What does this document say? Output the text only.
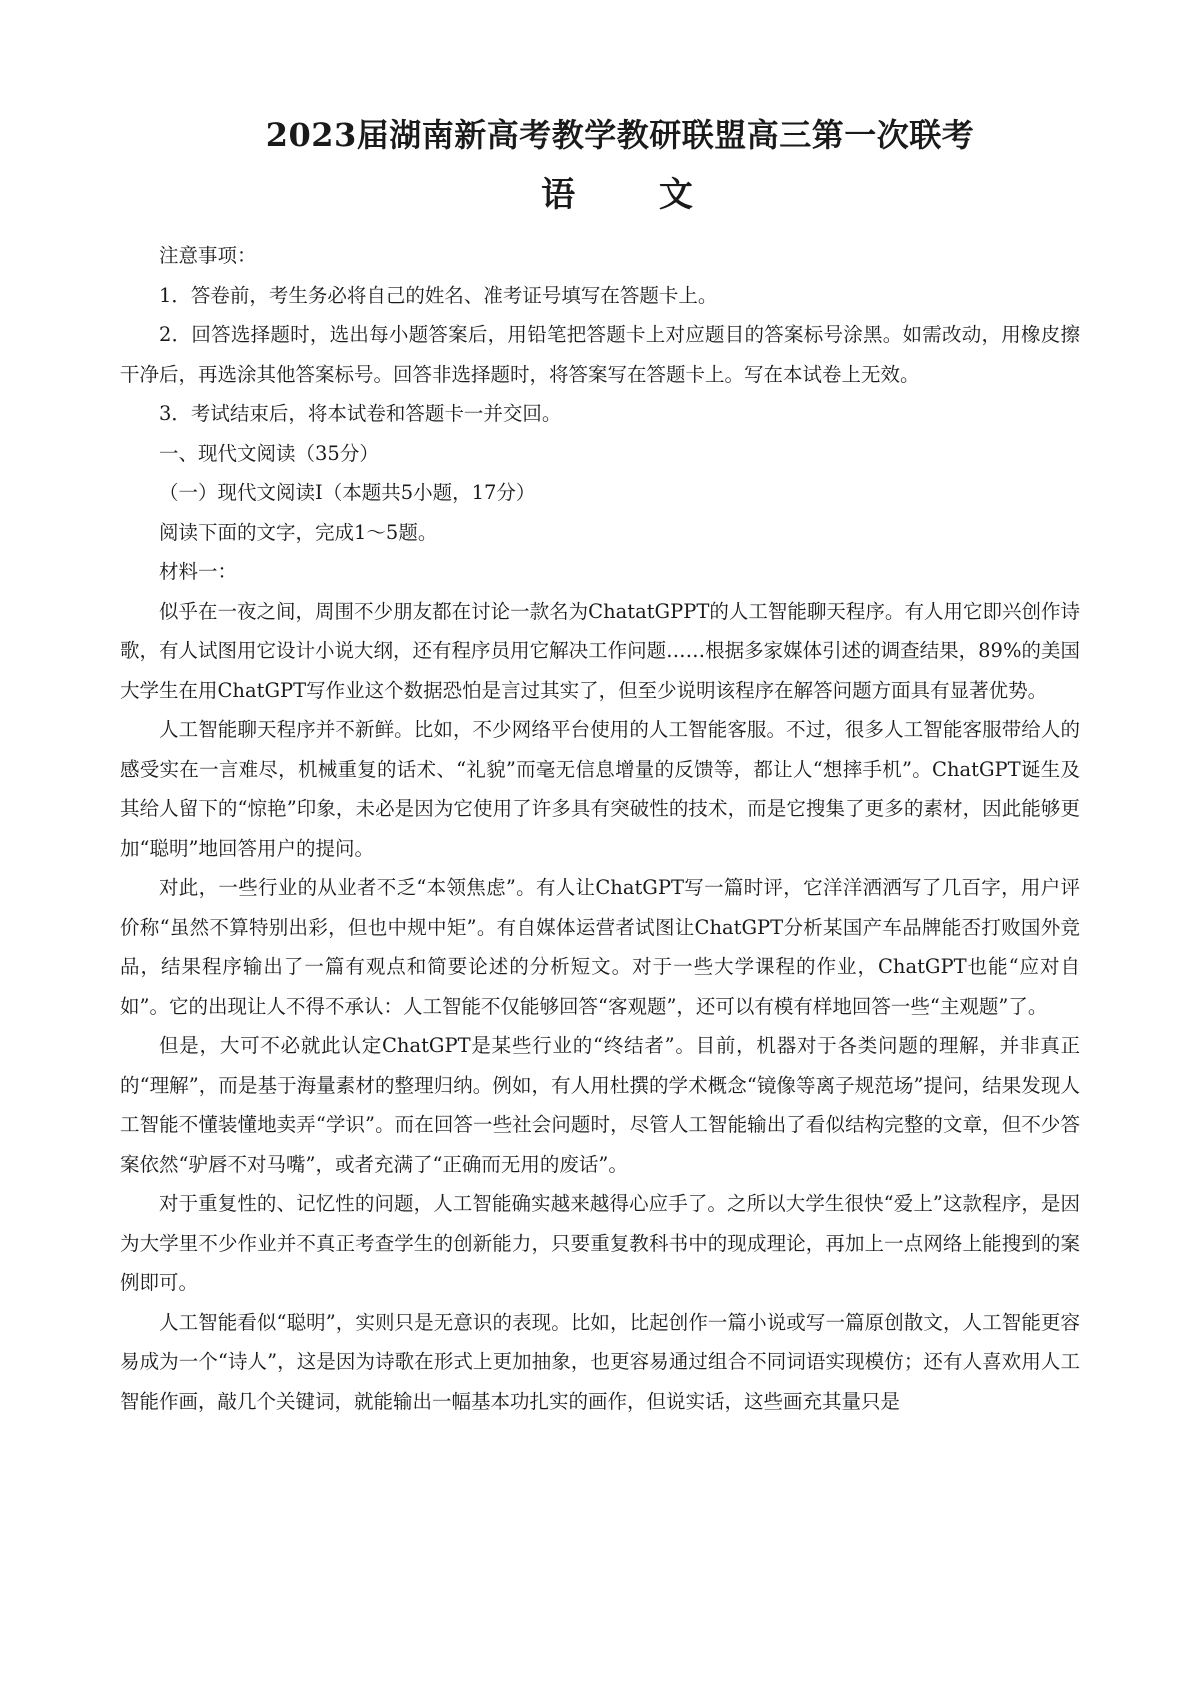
2023届湖南新高考教学教研联盟高三第一次联考
语 文

注意事项：

1．答卷前，考生务必将自己的姓名、准考证号填写在答题卡上。

2．回答选择题时，选出每小题答案后，用铅笔把答题卡上对应题目的答案标号涂黑。如需改动，用橡皮擦干净后，再选涂其他答案标号。回答非选择题时，将答案写在答题卡上。写在本试卷上无效。

3．考试结束后，将本试卷和答题卡一并交回。

一、现代文阅读（35分）

（一）现代文阅读I（本题共5小题，17分）

阅读下面的文字，完成1～5题。

材料一：

似乎在一夜之间，周围不少朋友都在讨论一款名为ChatatGPPT的人工智能聊天程序。有人用它即兴创作诗歌，有人试图用它设计小说大纲，还有程序员用它解决工作问题……根据多家媒体引述的调查结果，89%的美国大学生在用ChatGPT写作业这个数据恐怕是言过其实了，但至少说明该程序在解答问题方面具有显著优势。

人工智能聊天程序并不新鲜。比如，不少网络平台使用的人工智能客服。不过，很多人工智能客服带给人的感受实在一言难尽，机械重复的话术、“礼貌”而毫无信息增量的反馈等，都让人“想摔手机”。ChatGPT诞生及其给人留下的“惊艳”印象，未必是因为它使用了许多具有突破性的技术，而是它搜集了更多的素材，因此能够更加“聪明”地回答用户的提问。

对此，一些行业的从业者不乏“本领焦虑”。有人让ChatGPT写一篇时评，它洋洋洒洒写了几百字，用户评价称“虽然不算特别出彩，但也中规中矩”。有自媒体运营者试图让ChatGPT分析某国产车品牌能否打败国外竞品，结果程序输出了一篇有观点和简要论述的分析短文。对于一些大学课程的作业，ChatGPT也能“应对自如”。它的出现让人不得不承认：人工智能不仅能够回答“客观题”，还可以有模有样地回答一些“主观题”了。

但是，大可不必就此认定ChatGPT是某些行业的“终结者”。目前，机器对于各类问题的理解，并非真正的“理解”，而是基于海量素材的整理归纳。例如，有人用杜撰的学术概念“镜像等离子规范场”提问，结果发现人工智能不懂装懂地卖弄“学识”。而在回答一些社会问题时，尽管人工智能输出了看似结构完整的文章，但不少答案依然“驴唇不对马嘴”，或者充满了“正确而无用的废话”。

对于重复性的、记忆性的问题，人工智能确实越来越得心应手了。之所以大学生很快“爱上”这款程序，是因为大学里不少作业并不真正考查学生的创新能力，只要重复教科书中的现成理论，再加上一点网络上能搜到的案例即可。

人工智能看似“聪明”，实则只是无意识的表现。比如，比起创作一篇小说或写一篇原创散文，人工智能更容易成为一个“诗人”，这是因为诗歌在形式上更加抽象，也更容易通过组合不同词语实现模仿；还有人喜欢用人工智能作画，敲几个关键词，就能输出一幅基本功扎实的画作，但说实话，这些画充其量只是
